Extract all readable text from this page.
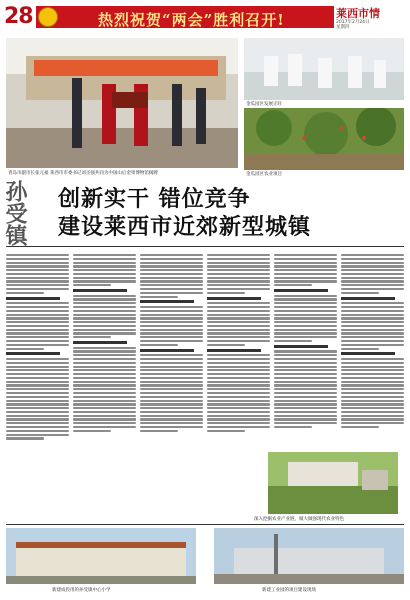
28	热烈祝贺“两会”胜利召开!	莱西市情
2017年2月24日
星期四
青岛市副市长张元福 莱西市市委书记刘圣强共同为中国山后金果博物馆揭牌
金瓜园区发展正旺
金瓜园区农业项目
孙受镇 创新实干 错位竞争
建设莱西市近郊新型城镇
深入挖掘农业产业链，做大做强现代农业特色
新建成投用的孙受镇中心小学	新建工业园的项目建设现场
